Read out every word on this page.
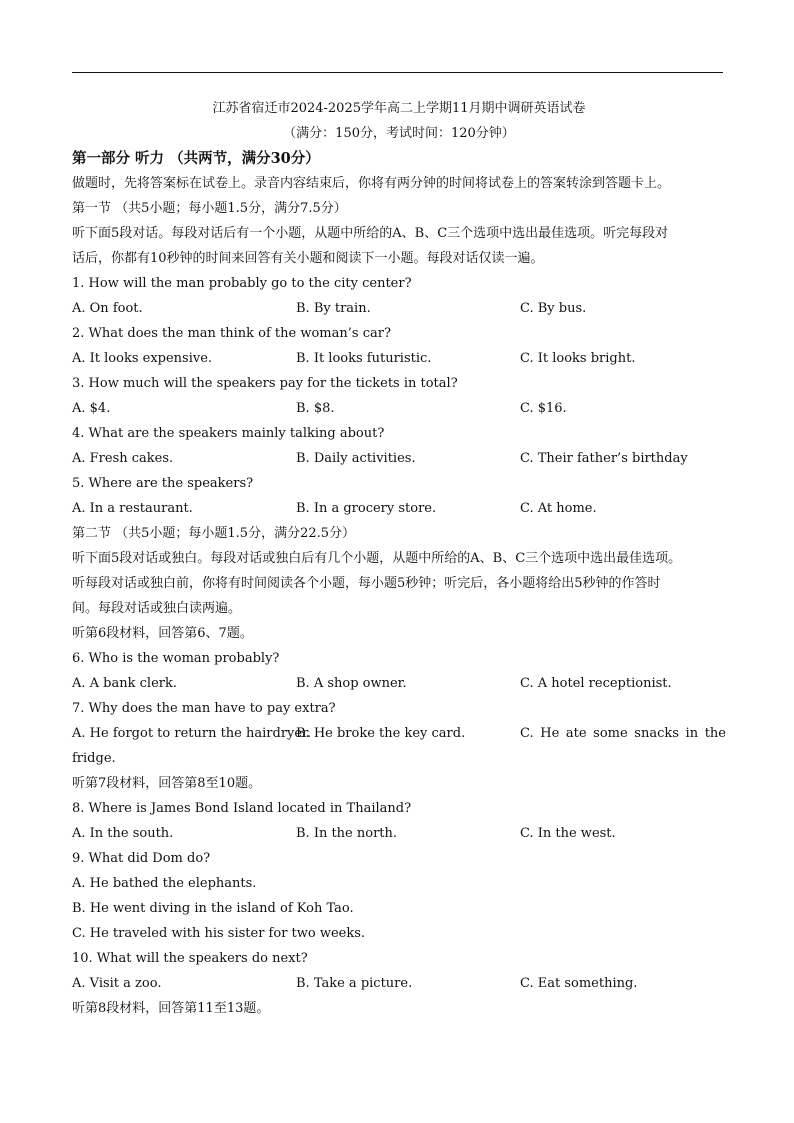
江苏省宿迁市2024-2025学年高二上学期11月期中调研英语试卷
（满分：150分，考试时间：120分钟）
第一部分 听力 （共两节，满分30分）
做题时，先将答案标在试卷上。录音内容结束后，你将有两分钟的时间将试卷上的答案转涂到答题卡上。
第一节 （共5小题；每小题1.5分，满分7.5分）
听下面5段对话。每段对话后有一个小题，从题中所给的A、B、C三个选项中选出最佳选项。听完每段对
话后，你都有10秒钟的时间来回答有关小题和阅读下一小题。每段对话仅读一遍。
1. How will the man probably go to the city center?
A. On foot.	B. By train.	C. By bus.
2. What does the man think of the woman’s car?
A. It looks expensive.	B. It looks futuristic.	C. It looks bright.
3. How much will the speakers pay for the tickets in total?
A. $4.	B. $8.	C. $16.
4. What are the speakers mainly talking about?
A. Fresh cakes.	B. Daily activities.	C. Their father’s birthday
5. Where are the speakers?
A. In a restaurant.	B. In a grocery store.	C. At home.
第二节 （共5小题；每小题1.5分，满分22.5分）
听下面5段对话或独白。每段对话或独白后有几个小题，从题中所给的A、B、C三个选项中选出最佳选项。
听每段对话或独白前，你将有时间阅读各个小题，每小题5秒钟；听完后，各小题将给出5秒钟的作答时
间。每段对话或独白读两遍。
听第6段材料，回答第6、7题。
6. Who is the woman probably?
A. A bank clerk.	B. A shop owner.	C. A hotel receptionist.
7. Why does the man have to pay extra?
A. He forgot to return the hairdryer.
B. He broke the key card.	C. He ate some snacks in the
fridge.
听第7段材料，回答第8至10题。
8. Where is James Bond Island located in Thailand?
A. In the south.	B. In the north.	C. In the west.
9. What did Dom do?
A. He bathed the elephants.
B. He went diving in the island of Koh Tao.
C. He traveled with his sister for two weeks.
10. What will the speakers do next?
A. Visit a zoo.	B. Take a picture.	C. Eat something.
听第8段材料，回答第11至13题。
